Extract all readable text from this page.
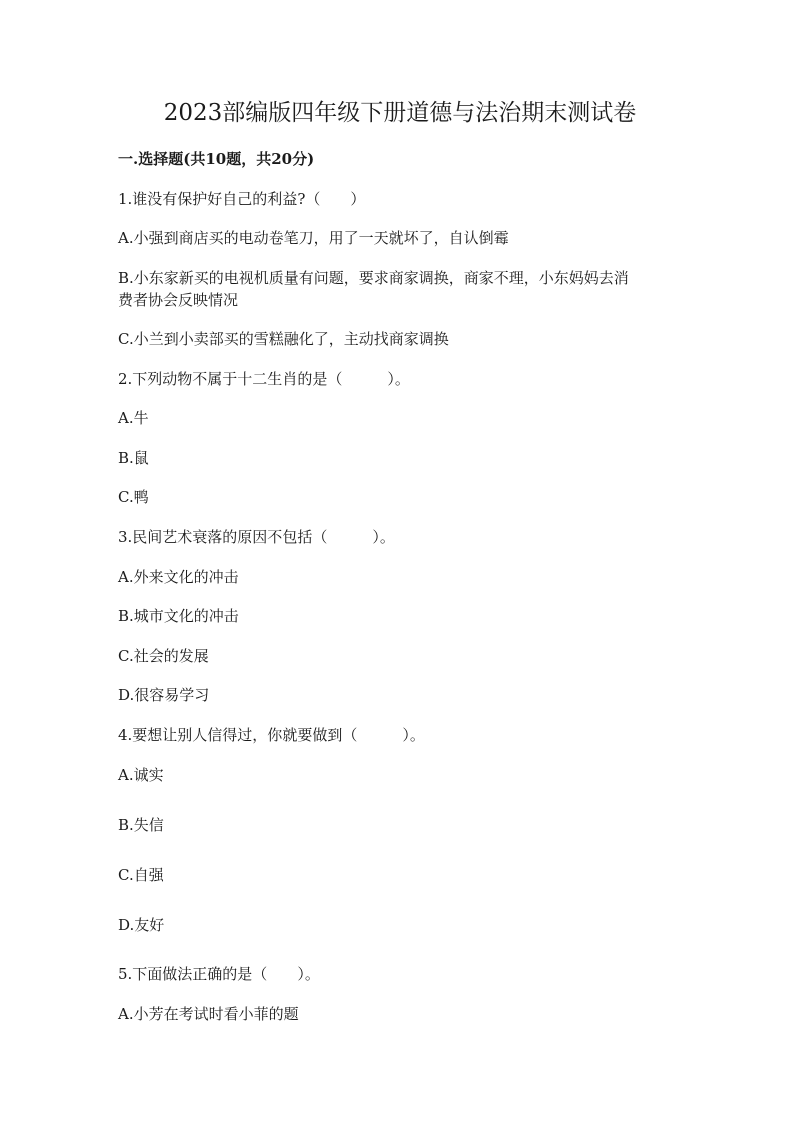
2023部编版四年级下册道德与法治期末测试卷
一.选择题(共10题，共20分)
1.谁没有保护好自己的利益?（　　）
A.小强到商店买的电动卷笔刀，用了一天就坏了，自认倒霉
B.小东家新买的电视机质量有问题，要求商家调换，商家不理，小东妈妈去消
费者协会反映情况
C.小兰到小卖部买的雪糕融化了，主动找商家调换
2.下列动物不属于十二生肖的是（　　　）。
A.牛
B.鼠
C.鸭
3.民间艺术衰落的原因不包括（　　　）。
A.外来文化的冲击
B.城市文化的冲击
C.社会的发展
D.很容易学习
4.要想让别人信得过，你就要做到（　　　）。
A.诚实
B.失信
C.自强
D.友好
5.下面做法正确的是（　　）。
A.小芳在考试时看小菲的题
